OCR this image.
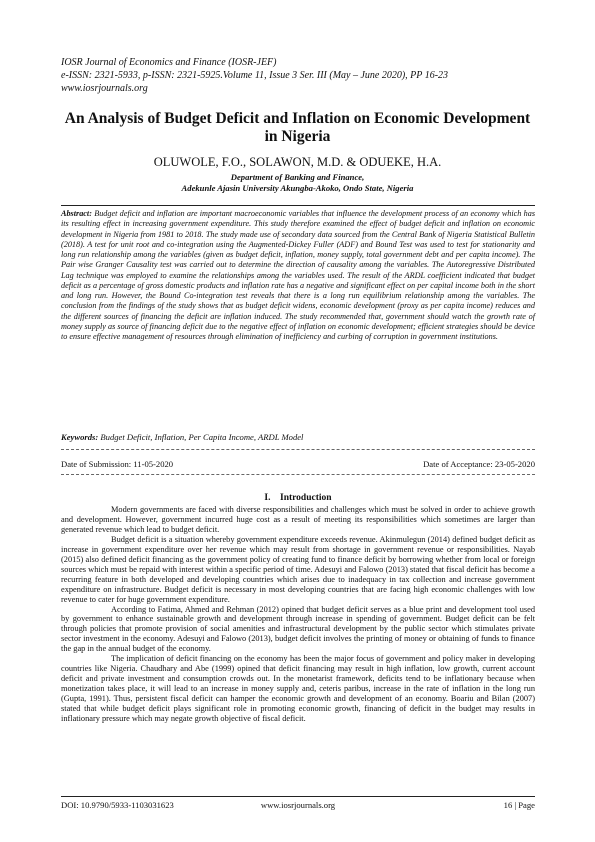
IOSR Journal of Economics and Finance (IOSR-JEF)
e-ISSN: 2321-5933, p-ISSN: 2321-5925.Volume 11, Issue 3 Ser. III (May – June 2020), PP 16-23
www.iosrjournals.org
An Analysis of Budget Deficit and Inflation on Economic Development in Nigeria
OLUWOLE, F.O., SOLAWON, M.D. & ODUEKE, H.A.
Department of Banking and Finance,
Adekunle Ajasin University Akungba-Akoko, Ondo State, Nigeria
Abstract: Budget deficit and inflation are important macroeconomic variables that influence the development process of an economy which has its resulting effect in increasing government expenditure. This study therefore examined the effect of budget deficit and inflation on economic development in Nigeria from 1981 to 2018. The study made use of secondary data sourced from the Central Bank of Nigeria Statistical Bulletin (2018). A test for unit root and co-integration using the Augmented-Dickey Fuller (ADF) and Bound Test was used to test for stationarity and long run relationship among the variables (given as budget deficit, inflation, money supply, total government debt and per capita income). The Pair wise Granger Causality test was carried out to determine the direction of causality among the variables. The Autoregressive Distributed Lag technique was employed to examine the relationships among the variables used. The result of the ARDL coefficient indicated that budget deficit as a percentage of gross domestic products and inflation rate has a negative and significant effect on per capital income both in the short and long run. However, the Bound Co-integration test reveals that there is a long run equilibrium relationship among the variables. The conclusion from the findings of the study shows that as budget deficit widens, economic development (proxy as per capita income) reduces and the different sources of financing the deficit are inflation induced. The study recommended that, government should watch the growth rate of money supply as source of financing deficit due to the negative effect of inflation on economic development; efficient strategies should be device to ensure effective management of resources through elimination of inefficiency and curbing of corruption in government institutions.
Keywords: Budget Deficit, Inflation, Per Capita Income, ARDL Model
Date of Submission: 11-05-2020	Date of Acceptance: 23-05-2020
I.    Introduction

Modern governments are faced with diverse responsibilities and challenges which must be solved in order to achieve growth and development. However, government incurred huge cost as a result of meeting its responsibilities which sometimes are larger than generated revenue which lead to budget deficit.

Budget deficit is a situation whereby government expenditure exceeds revenue. Akinmulegun (2014) defined budget deficit as increase in government expenditure over her revenue which may result from shortage in government revenue or responsibilities. Nayab (2015) also defined deficit financing as the government policy of creating fund to finance deficit by borrowing whether from local or foreign sources which must be repaid with interest within a specific period of time. Adesuyi and Falowo (2013) stated that fiscal deficit has become a recurring feature in both developed and developing countries which arises due to inadequacy in tax collection and increase government expenditure on infrastructure. Budget deficit is necessary in most developing countries that are facing high economic challenges with low revenue to cater for huge government expenditure.

According to Fatima, Ahmed and Rehman (2012) opined that budget deficit serves as a blue print and development tool used by government to enhance sustainable growth and development through increase in spending of government. Budget deficit can be felt through policies that promote provision of social amenities and infrastructural development by the public sector which stimulates private sector investment in the economy. Adesuyi and Falowo (2013), budget deficit involves the printing of money or obtaining of funds to finance the gap in the annual budget of the economy.

The implication of deficit financing on the economy has been the major focus of government and policy maker in developing countries like Nigeria. Chaudhary and Abe (1999) opined that deficit financing may result in high inflation, low growth, current account deficit and private investment and consumption crowds out. In the monetarist framework, deficits tend to be inflationary because when monetization takes place, it will lead to an increase in money supply and, ceteris paribus, increase in the rate of inflation in the long run (Gupta, 1991). Thus, persistent fiscal deficit can hamper the economic growth and development of an economy. Boariu and Bilan (2007) stated that while budget deficit plays significant role in promoting economic growth, financing of deficit in the budget may results in inflationary pressure which may negate growth objective of fiscal deficit.

DOI: 10.9790/5933-1103031623	www.iosrjournals.org	16 | Page
